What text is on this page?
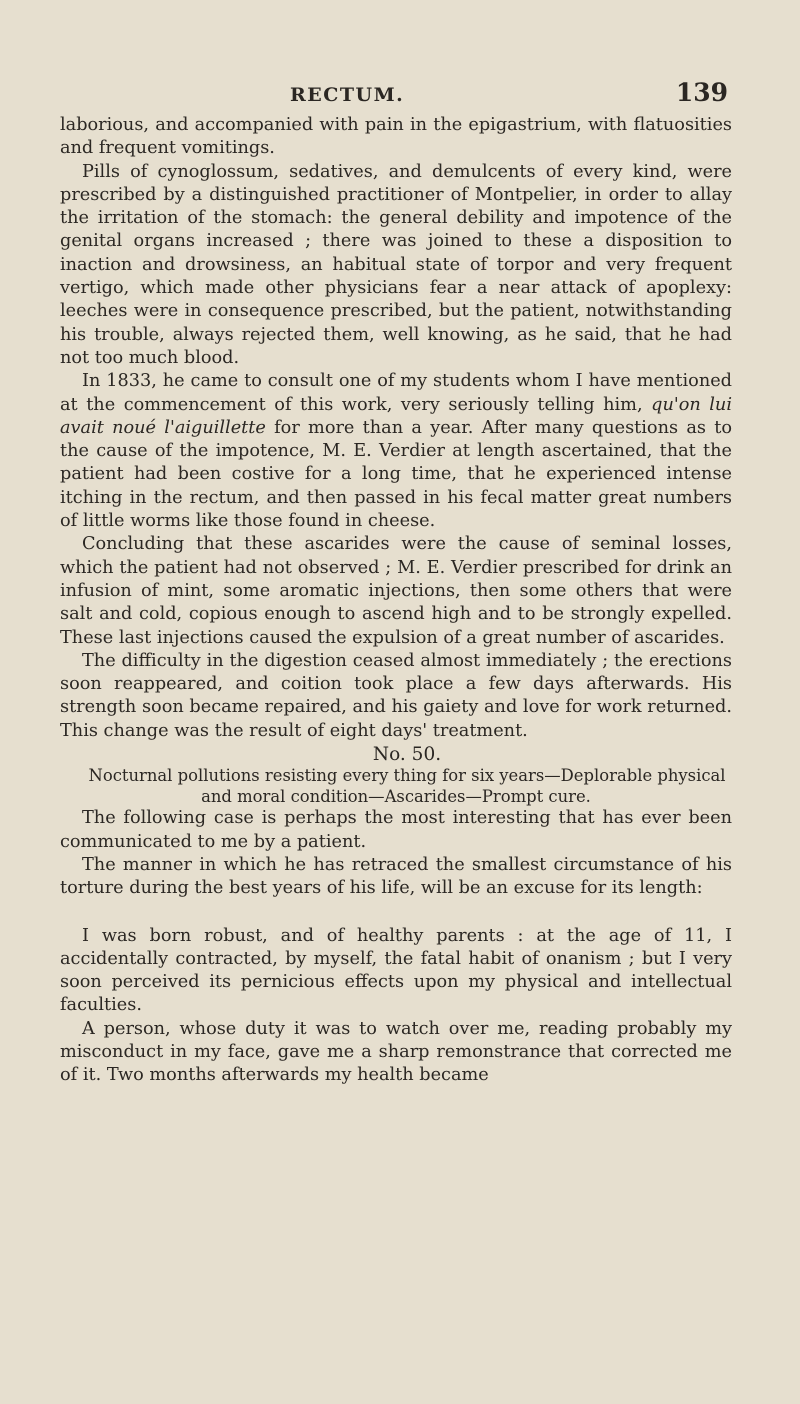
RECTUM.	139

laborious, and accompanied with pain in the epigastrium, with flatuosities and frequent vomitings.

Pills of cynoglossum, sedatives, and demulcents of every kind, were prescribed by a distinguished practitioner of Montpelier, in order to allay the irritation of the stomach: the general debility and impotence of the genital organs increased ; there was joined to these a disposition to inaction and drowsiness, an habitual state of torpor and very frequent vertigo, which made other physicians fear a near attack of apoplexy: leeches were in consequence prescribed, but the patient, notwithstanding his trouble, always rejected them, well knowing, as he said, that he had not too much blood.

In 1833, he came to consult one of my students whom I have mentioned at the commencement of this work, very seriously telling him, qu'on lui avait noué l'aiguillette for more than a year. After many questions as to the cause of the impotence, M. E. Verdier at length ascertained, that the patient had been costive for a long time, that he experienced intense itching in the rectum, and then passed in his fecal matter great numbers of little worms like those found in cheese.

Concluding that these ascarides were the cause of seminal losses, which the patient had not observed ; M. E. Verdier prescribed for drink an infusion of mint, some aromatic injections, then some others that were salt and cold, copious enough to ascend high and to be strongly expelled. These last injections caused the expulsion of a great number of ascarides.

The difficulty in the digestion ceased almost immediately ; the erections soon reappeared, and coition took place a few days afterwards. His strength soon became repaired, and his gaiety and love for work returned. This change was the result of eight days' treatment.

No. 50.

Nocturnal pollutions resisting every thing for six years—Deplorable physical and moral condition—Ascarides—Prompt cure.

The following case is perhaps the most interesting that has ever been communicated to me by a patient.

The manner in which he has retraced the smallest circumstance of his torture during the best years of his life, will be an excuse for its length:

I was born robust, and of healthy parents : at the age of 11, I accidentally contracted, by myself, the fatal habit of onanism ; but I very soon perceived its pernicious effects upon my physical and intellectual faculties.

A person, whose duty it was to watch over me, reading probably my misconduct in my face, gave me a sharp remonstrance that corrected me of it. Two months afterwards my health became
